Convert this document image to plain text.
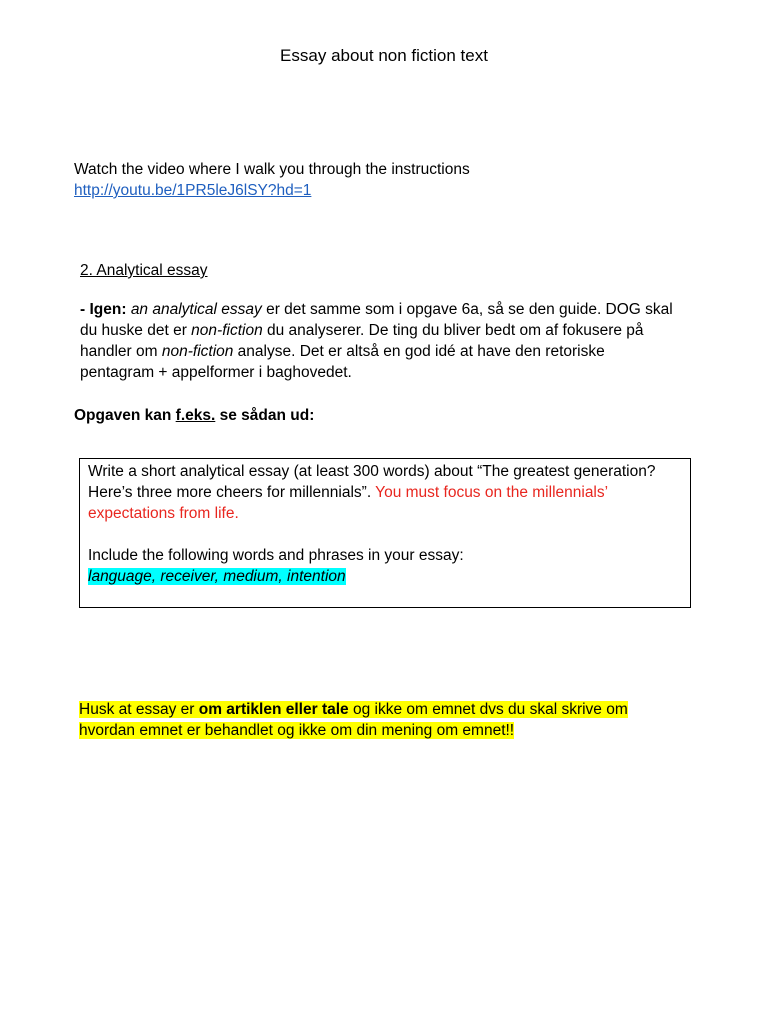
Essay about non fiction text
Watch the video where I walk you through the instructions
http://youtu.be/1PR5leJ6lSY?hd=1
2. Analytical essay
- Igen: an analytical essay er det samme som i opgave 6a, så se den guide. DOG skal du huske det er non-fiction du analyserer. De ting du bliver bedt om af fokusere på handler om non-fiction analyse. Det er altså en god idé at have den retoriske pentagram + appelformer i baghovedet.
Opgaven kan f.eks. se sådan ud:
Write a short analytical essay (at least 300 words) about “The greatest generation? Here’s three more cheers for millennials”. You must focus on the millennials’ expectations from life.
Include the following words and phrases in your essay:
language, receiver, medium, intention
Husk at essay er om artiklen eller tale og ikke om emnet dvs du skal skrive om hvordan emnet er behandlet og ikke om din mening om emnet!!
